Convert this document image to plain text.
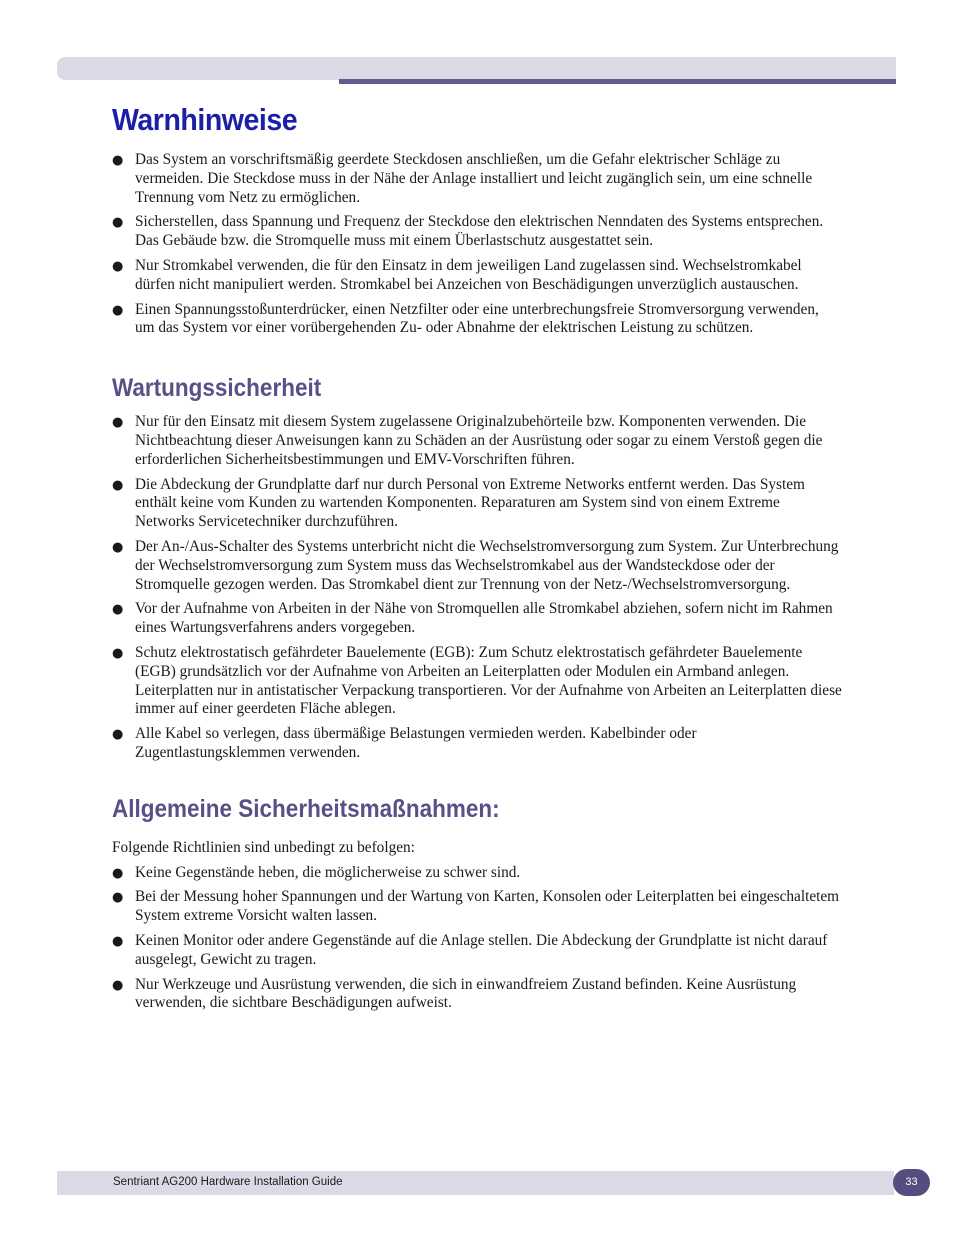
Warnhinweise
● Das System an vorschriftsmäßig geerdete Steckdosen anschließen, um die Gefahr elektrischer Schläge zu vermeiden. Die Steckdose muss in der Nähe der Anlage installiert und leicht zugänglich sein, um eine schnelle Trennung vom Netz zu ermöglichen.
● Sicherstellen, dass Spannung und Frequenz der Steckdose den elektrischen Nenndaten des Systems entsprechen. Das Gebäude bzw. die Stromquelle muss mit einem Überlastschutz ausgestattet sein.
● Nur Stromkabel verwenden, die für den Einsatz in dem jeweiligen Land zugelassen sind. Wechselstromkabel dürfen nicht manipuliert werden. Stromkabel bei Anzeichen von Beschädigungen unverzüglich austauschen.
● Einen Spannungsstoßunterdrücker, einen Netzfilter oder eine unterbrechungsfreie Stromversorgung verwenden, um das System vor einer vorübergehenden Zu- oder Abnahme der elektrischen Leistung zu schützen.
Wartungssicherheit
● Nur für den Einsatz mit diesem System zugelassene Originalzubehörteile bzw. Komponenten verwenden. Die Nichtbeachtung dieser Anweisungen kann zu Schäden an der Ausrüstung oder sogar zu einem Verstoß gegen die erforderlichen Sicherheitsbestimmungen und EMV-Vorschriften führen.
● Die Abdeckung der Grundplatte darf nur durch Personal von Extreme Networks entfernt werden. Das System enthält keine vom Kunden zu wartenden Komponenten. Reparaturen am System sind von einem Extreme Networks Servicetechniker durchzuführen.
● Der An-/Aus-Schalter des Systems unterbricht nicht die Wechselstromversorgung zum System. Zur Unterbrechung der Wechselstromversorgung zum System muss das Wechselstromkabel aus der Wandsteckdose oder der Stromquelle gezogen werden. Das Stromkabel dient zur Trennung von der Netz-/Wechselstromversorgung.
● Vor der Aufnahme von Arbeiten in der Nähe von Stromquellen alle Stromkabel abziehen, sofern nicht im Rahmen eines Wartungsverfahrens anders vorgegeben.
● Schutz elektrostatisch gefährdeter Bauelemente (EGB): Zum Schutz elektrostatisch gefährdeter Bauelemente (EGB) grundsätzlich vor der Aufnahme von Arbeiten an Leiterplatten oder Modulen ein Armband anlegen. Leiterplatten nur in antistatischer Verpackung transportieren. Vor der Aufnahme von Arbeiten an Leiterplatten diese immer auf einer geerdeten Fläche ablegen.
● Alle Kabel so verlegen, dass übermäßige Belastungen vermieden werden. Kabelbinder oder Zugentlastungsklemmen verwenden.
Allgemeine Sicherheitsmaßnahmen:

Folgende Richtlinien sind unbedingt zu befolgen:

● Keine Gegenstände heben, die möglicherweise zu schwer sind.
● Bei der Messung hoher Spannungen und der Wartung von Karten, Konsolen oder Leiterplatten bei eingeschaltetem System extreme Vorsicht walten lassen.
● Keinen Monitor oder andere Gegenstände auf die Anlage stellen. Die Abdeckung der Grundplatte ist nicht darauf ausgelegt, Gewicht zu tragen.
● Nur Werkzeuge und Ausrüstung verwenden, die sich in einwandfreiem Zustand befinden. Keine Ausrüstung verwenden, die sichtbare Beschädigungen aufweist.
Sentriant AG200 Hardware Installation Guide	33
